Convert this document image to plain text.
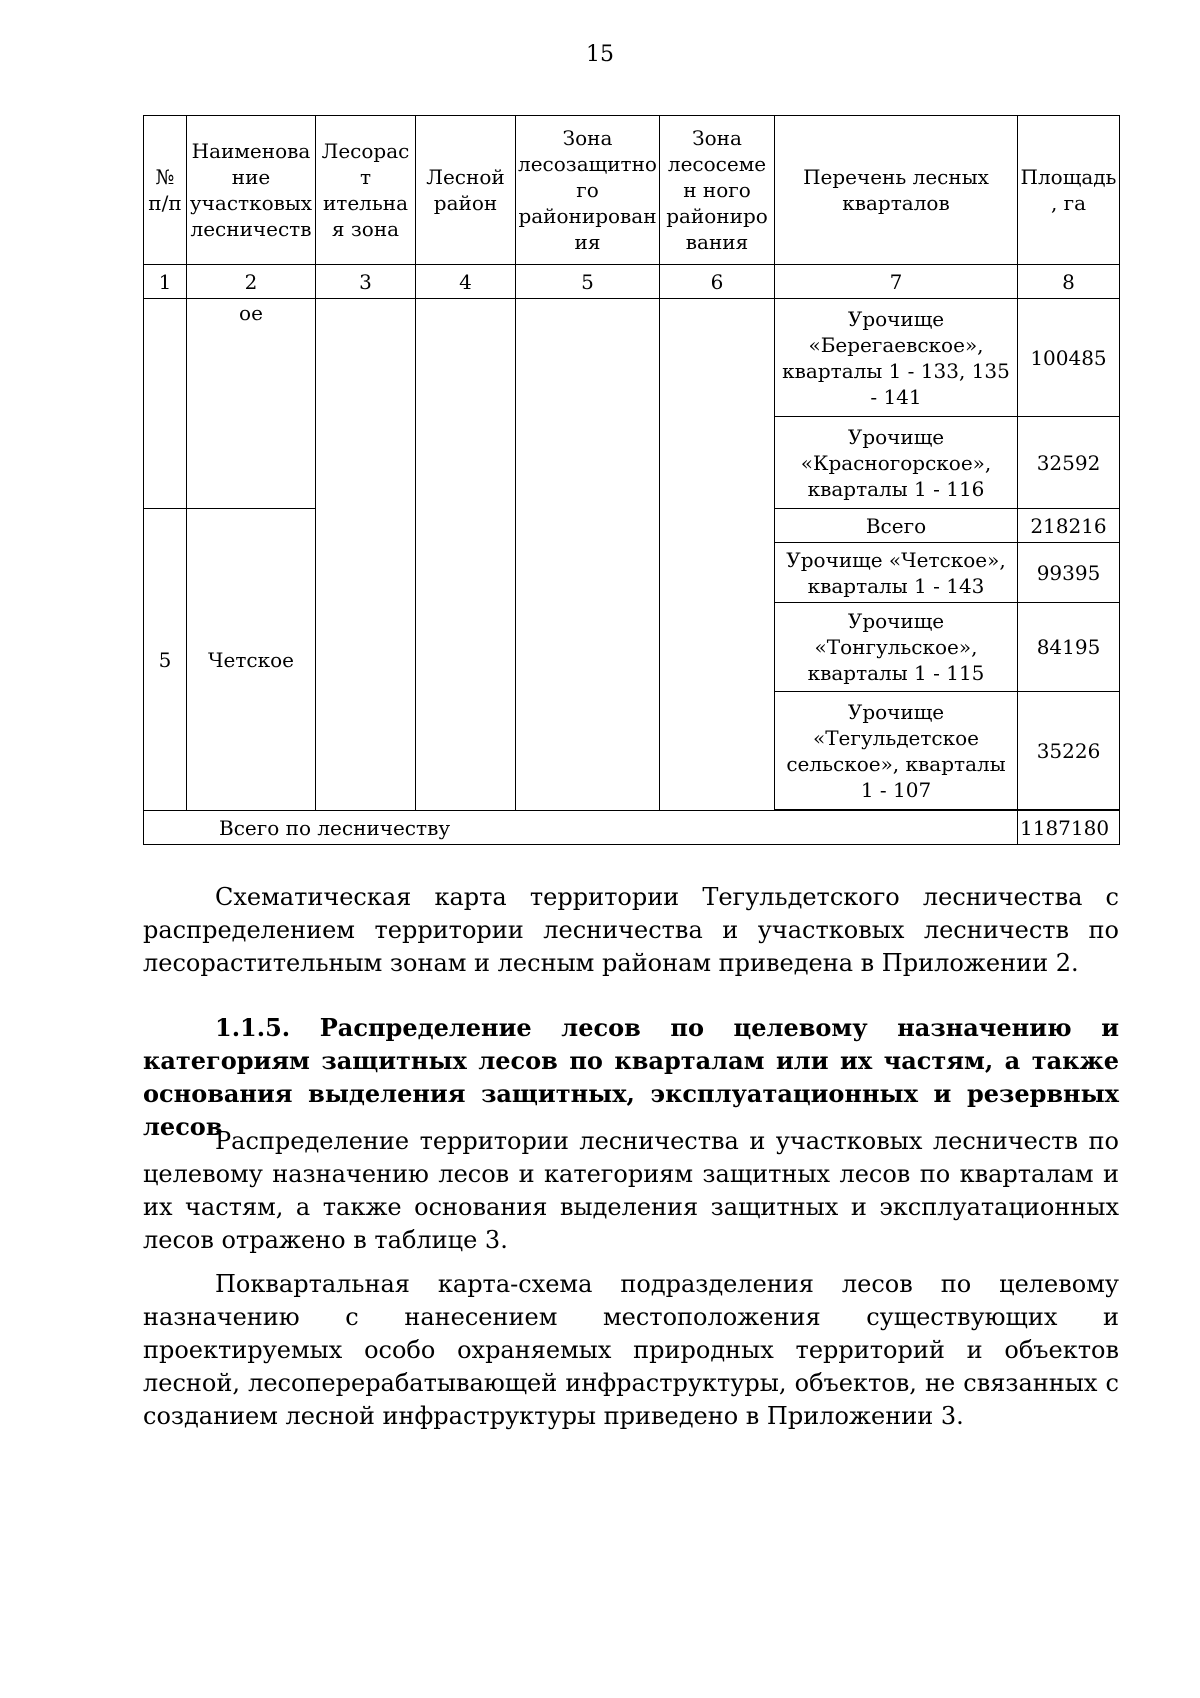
15
№ п/п	Наименова ние участковых лесничеств	Лесораст ительная зона	Лесной район	Зона лесозащитно го районирован ия	Зона лесосемен ного райониро вания	Перечень лесных кварталов	Площадь , га	
1	2	3	4	5	6	7	8	
	ое					Урочище «Берегаевское», кварталы 1 - 133, 135 - 141	100485	
						Урочище «Красногорское», кварталы 1 - 116	32592	
5	Четское					Всего	218216	
						Урочище «Четское», кварталы 1 - 143	99395	
						Урочище «Тонгульское», кварталы 1 - 115	84195	
						Урочище «Тегульдетское сельское», кварталы 1 - 107	35226	

Всего по лесничеству							1187180	

Схематическая карта территории Тегульдетского лесничества с распределением территории лесничества и участковых лесничеств по лесорастительным зонам и лесным районам приведена в Приложении 2.

1.1.5. Распределение лесов по целевому назначению и категориям защитных лесов по кварталам или их частям, а также основания выделения защитных, эксплуатационных и резервных лесов

Распределение территории лесничества и участковых лесничеств по целевому назначению лесов и категориям защитных лесов по кварталам и их частям, а также основания выделения защитных и эксплуатационных лесов отражено в таблице 3.

Поквартальная карта-схема подразделения лесов по целевому назначению с нанесением местоположения существующих и проектируемых особо охраняемых природных территорий и объектов лесной, лесоперерабатывающей инфраструктуры, объектов, не связанных с созданием лесной инфраструктуры приведено в Приложении 3.
